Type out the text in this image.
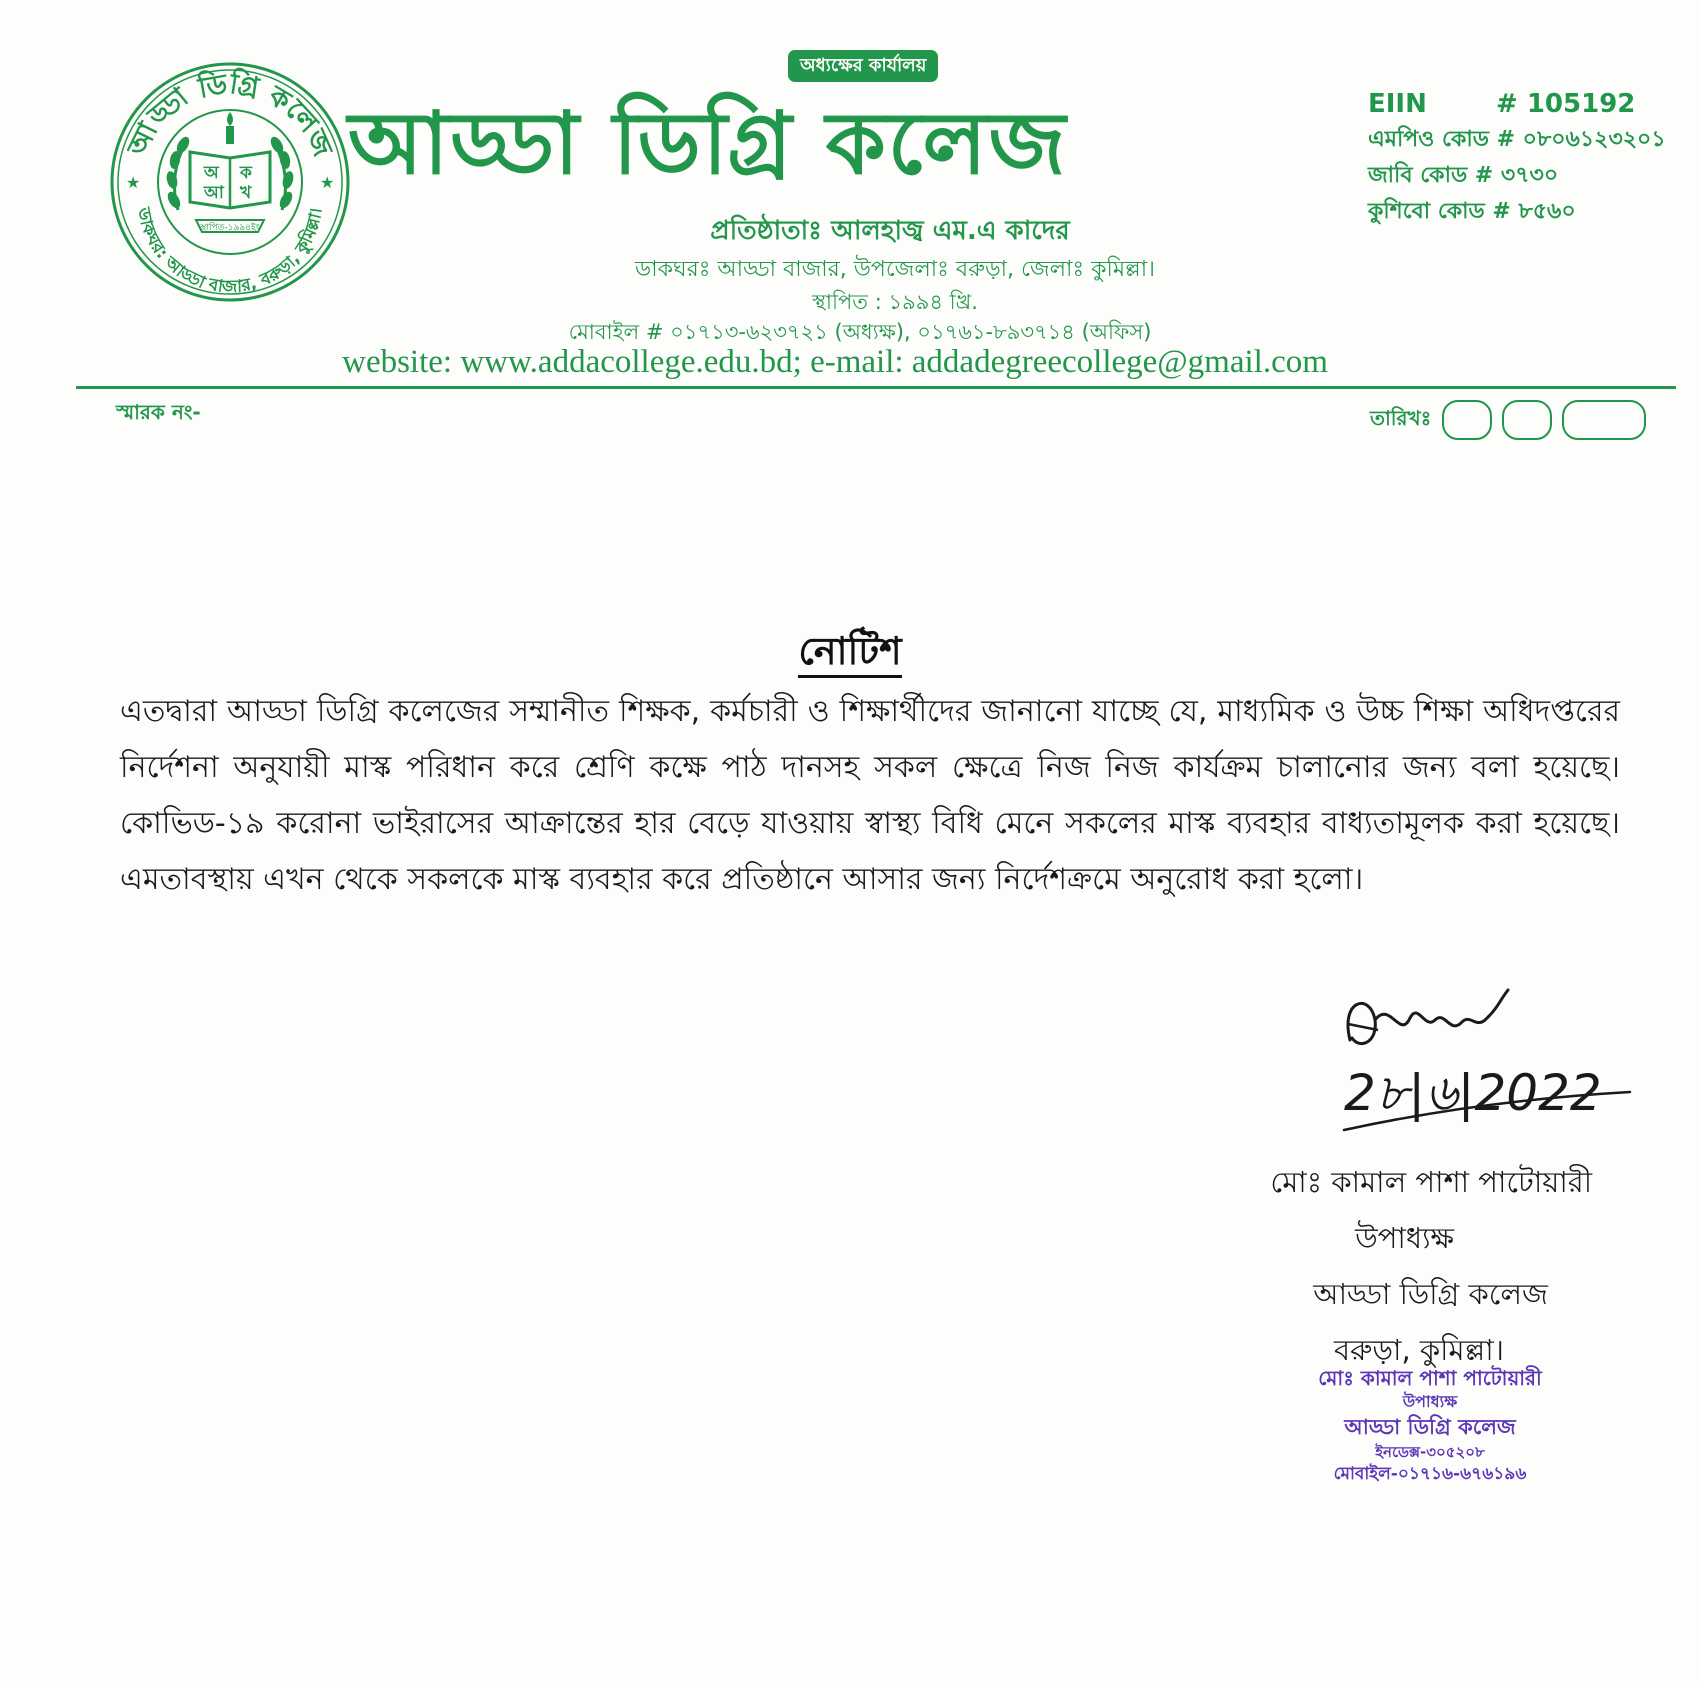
অধ্যক্ষের কার্যালয়
আড্ডা ডিগ্রি কলেজ
ডাকঘর: আড্ডা বাজার, বরুড়া, কুমিল্লা।
★	★
অ ক
আ খ
স্থাপিত-১৯৯৪ইং
আড্ডা ডিগ্রি কলেজ	EIIN	# 105192
এমপিও কোড # ০৮০৬১২৩২০১
জাবি কোড # ৩৭৩০
কুশিবো কোড # ৮৫৬০
প্রতিষ্ঠাতাঃ আলহাজ্ব এম.এ কাদের
ডাকঘরঃ আড্ডা বাজার, উপজেলাঃ বরুড়া, জেলাঃ কুমিল্লা।
স্থাপিত : ১৯৯৪ খ্রি.
মোবাইল # ০১৭১৩-৬২৩৭২১ (অধ্যক্ষ), ০১৭৬১-৮৯৩৭১৪ (অফিস)
website: www.addacollege.edu.bd; e-mail: addadegreecollege@gmail.com
স্মারক নং-	তারিখঃ
নোটিশ
এতদ্বারা আড্ডা ডিগ্রি কলেজের সম্মানীত শিক্ষক, কর্মচারী ও শিক্ষার্থীদের জানানো যাচ্ছে যে, মাধ্যমিক ও উচ্চ শিক্ষা অধিদপ্তরের নির্দেশনা অনুযায়ী মাস্ক পরিধান করে শ্রেণি কক্ষে পাঠ দানসহ সকল ক্ষেত্রে নিজ নিজ কার্যক্রম চালানোর জন্য বলা হয়েছে। কোভিড-১৯ করোনা ভাইরাসের আক্রান্তের হার বেড়ে যাওয়ায় স্বাস্থ্য বিধি মেনে সকলের মাস্ক ব্যবহার বাধ্যতামূলক করা হয়েছে। এমতাবস্থায় এখন থেকে সকলকে মাস্ক ব্যবহার করে প্রতিষ্ঠানে আসার জন্য নির্দেশক্রমে অনুরোধ করা হলো।
2৮|৬|2022
মোঃ কামাল পাশা পাটোয়ারী
উপাধ্যক্ষ
আড্ডা ডিগ্রি কলেজ
বরুড়া, কুমিল্লা।
মোঃ কামাল পাশা পাটোয়ারী
উপাধ্যক্ষ
আড্ডা ডিগ্রি কলেজ
ইনডেক্স-৩০৫২০৮
মোবাইল-০১৭১৬-৬৭৬১৯৬
